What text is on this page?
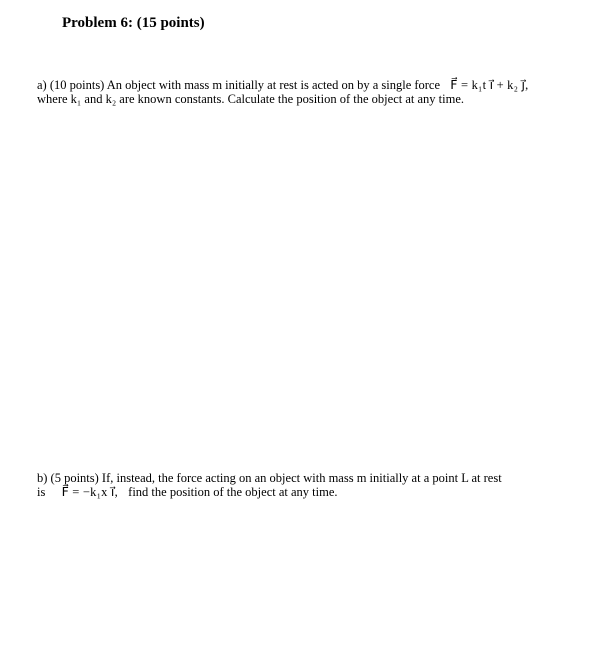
Problem 6: (15 points)
a) (10 points) An object with mass m initially at rest is acted on by a single force F⃗ = k₁t i⃗ + k₂ j⃗,
where k₁ and k₂ are known constants. Calculate the position of the object at any time.
b) (5 points) If, instead, the force acting on an object with mass m initially at a point L at rest
is F⃗ = −k₁x i⃗, find the position of the object at any time.
